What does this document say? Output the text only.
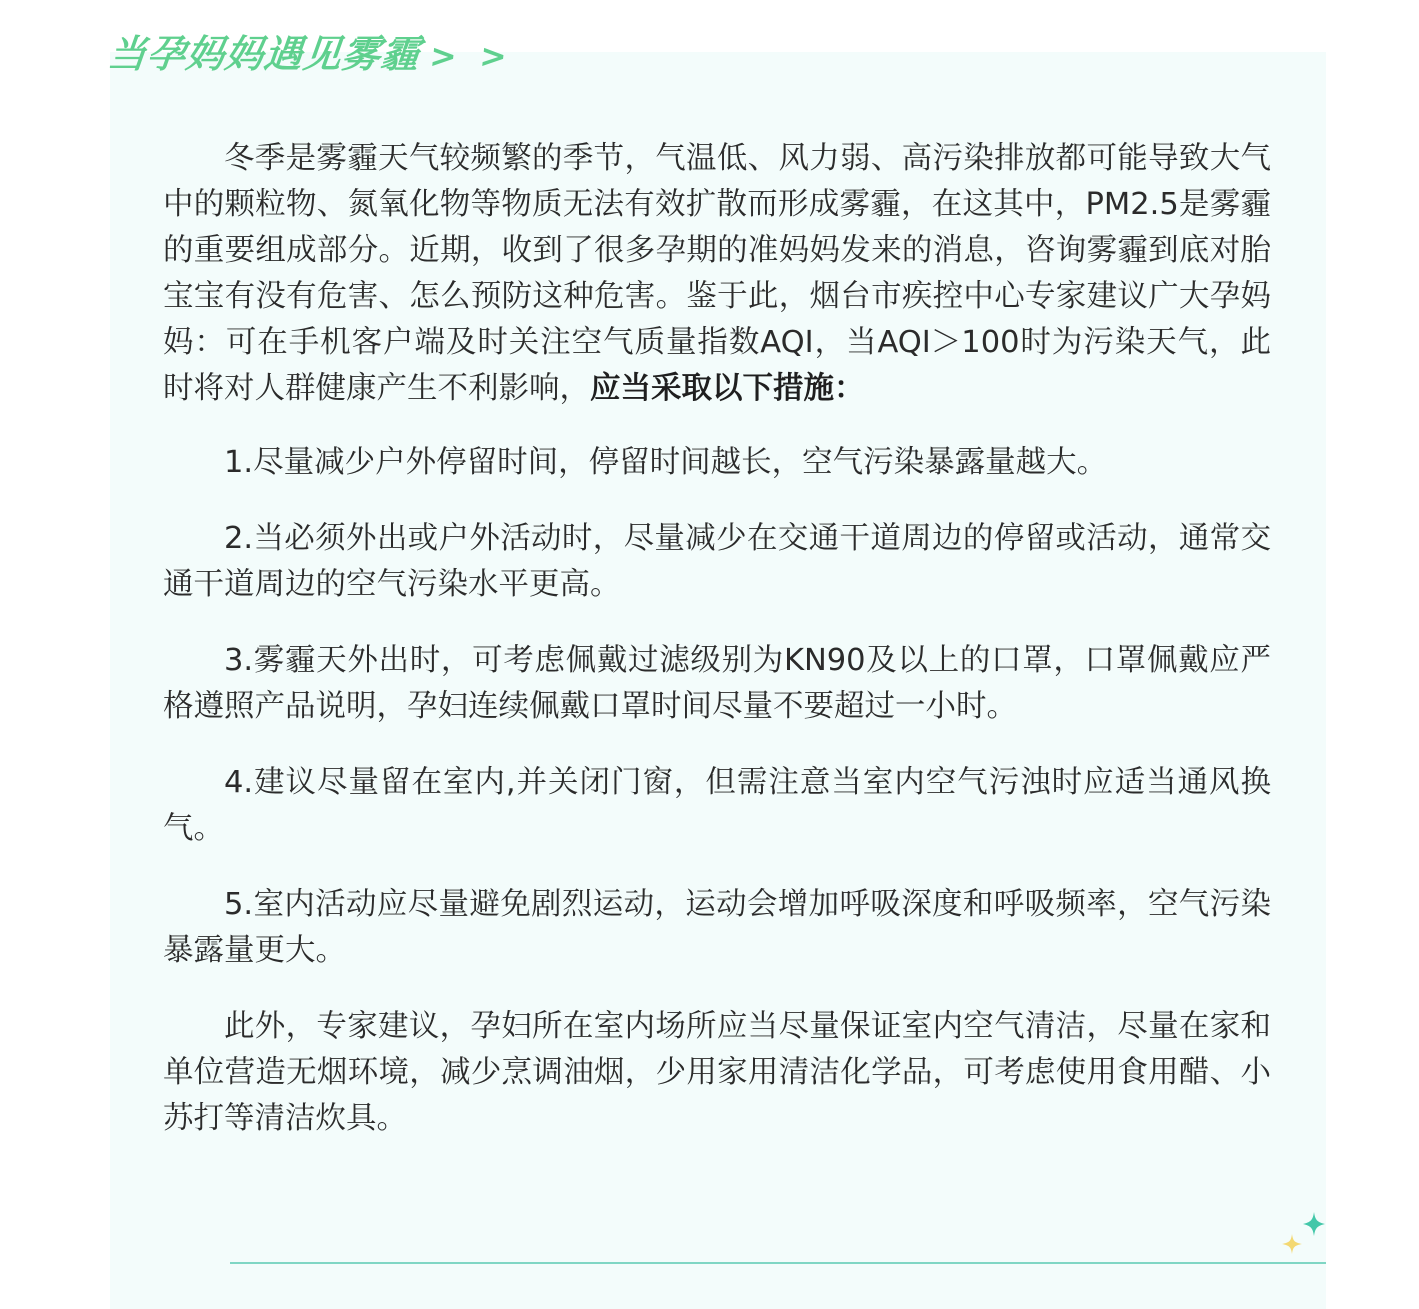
当孕妈妈遇见雾霾 > >

冬季是雾霾天气较频繁的季节，气温低、风力弱、高污染排放都可能导致大气中的颗粒物、氮氧化物等物质无法有效扩散而形成雾霾，在这其中，PM2.5是雾霾的重要组成部分。近期，收到了很多孕期的准妈妈发来的消息，咨询雾霾到底对胎宝宝有没有危害、怎么预防这种危害。鉴于此，烟台市疾控中心专家建议广大孕妈妈：可在手机客户端及时关注空气质量指数AQI，当AQI＞100时为污染天气，此时将对人群健康产生不利影响，应当采取以下措施：

1.尽量减少户外停留时间，停留时间越长，空气污染暴露量越大。

2.当必须外出或户外活动时，尽量减少在交通干道周边的停留或活动，通常交通干道周边的空气污染水平更高。

3.雾霾天外出时，可考虑佩戴过滤级别为KN90及以上的口罩，口罩佩戴应严格遵照产品说明，孕妇连续佩戴口罩时间尽量不要超过一小时。

4.建议尽量留在室内,并关闭门窗，但需注意当室内空气污浊时应适当通风换气。

5.室内活动应尽量避免剧烈运动，运动会增加呼吸深度和呼吸频率，空气污染暴露量更大。

此外，专家建议，孕妇所在室内场所应当尽量保证室内空气清洁，尽量在家和单位营造无烟环境，减少烹调油烟，少用家用清洁化学品，可考虑使用食用醋、小苏打等清洁炊具。
